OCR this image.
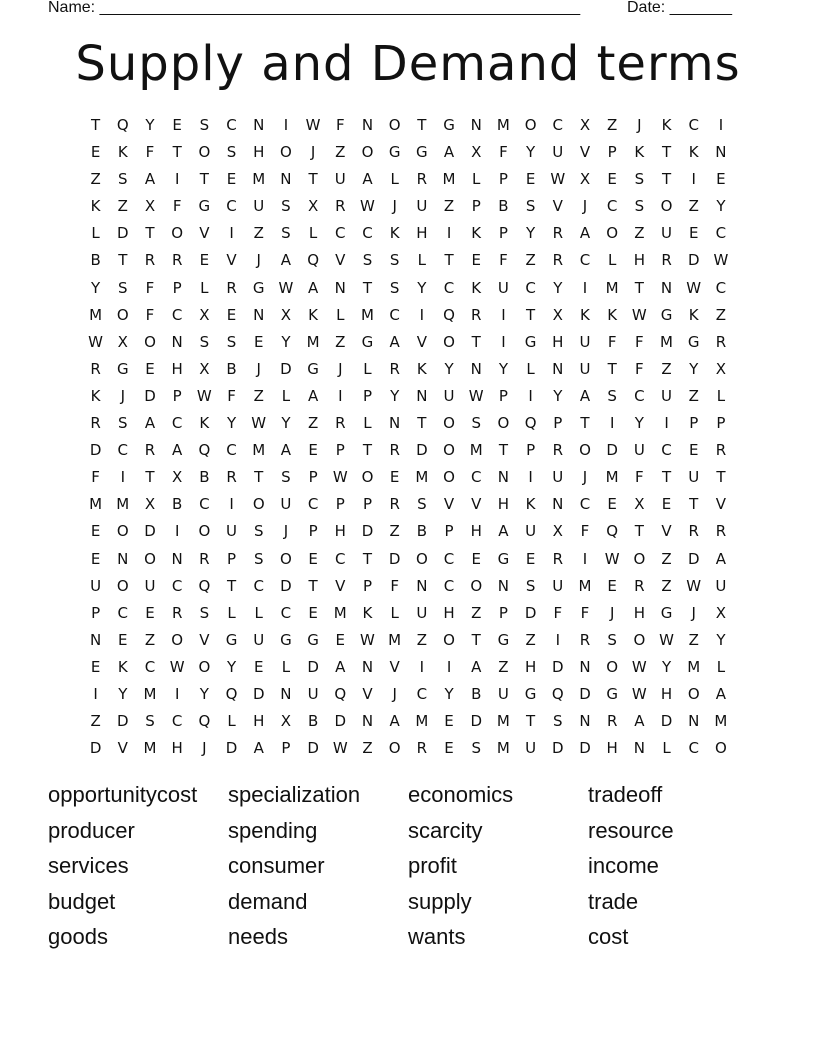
Name: ______________________________________________________	Date: _______
Supply and Demand terms
T	Q	Y	E	S	C	N	I	W	F	N	O	T	G	N	M O	C	X	Z	J	K	C	I
E	K	F	T	O	S	H	O	J	Z	O	G	G	A	X	F	Y	U	V	P	K	T	K	N
Z	S	A	I	T	E	M	N	T	U	A	L	R	M	L	P	E	W X	E	S	T	I	E
K	Z	X	F	G	C	U	S	X	R W	J	U	Z	P	B	S	V	J	C	S	O	Z	Y
L	D	T	O	V	I	Z	S	L	C	C	K	H	I	K	P	Y	R	A	O	Z	U	E	C
B	T	R	R	E	V	J	A	Q	V	S	S	L	T	E	F	Z	R	C	L	H	R	D W
Y	S	F	P	L	R	G W A	N	T	S	Y	C	K	U	C	Y	I	M	T	N W C
M O	F	C	X	E	N	X	K	L	M	C	I	Q	R	I	T	X	K	K W G	K	Z
W X	O	N	S	S	E	Y	M	Z	G	A	V	O	T	I	G	H	U	F	F	M G	R
R	G	E	H	X	B	J	D	G	J	L	R	K	Y	N	Y	L	N	U	T	F	Z	Y	X
K	J	D	P	W	F	Z	L	A	I	P	Y	N	U W	P	I	Y	A	S	C	U	Z	L
R	S	A	C	K	Y	W	Y	Z	R	L	N	T	O	S	O	Q	P	T	I	Y	I	P	P
D	C	R	A	Q	C	M	A	E	P	T	R	D	O M	T	P	R	O	D	U	C	E	R
F	I	T	X	B	R	T	S	P	W O	E	M O	C	N	I	U	J	M	F	T	U	T
M M	X	B	C	I	O	U	C	P	P	R	S	V	V	H	K	N	C	E	X	E	T	V
E	O	D	I	O	U	S	J	P	H	D	Z	B	P	H	A	U	X	F	Q	T	V	R	R
E	N	O	N	R	P	S	O	E	C	T	D	O	C	E	G	E	R	I	W O	Z	D	A
U	O	U	C	Q	T	C	D	T	V	P	F	N	C	O	N	S	U	M	E	R	Z W U
P	C	E	R	S	L	L	C	E	M	K	L	U	H	Z	P	D	F	F	J	H	G	J	X
N	E	Z	O	V	G	U	G	G	E	W M	Z	O	T	G	Z	I	R	S	O W Z	Y
E	K	C W O	Y	E	L	D	A	N	V	I	I	A	Z	H	D	N	O W	Y	M	L
I	Y	M	I	Y	Q	D	N	U	Q	V	J	C	Y	B	U	G	Q	D	G W H	O	A
Z	D	S	C	Q	L	H	X	B	D	N	A	M	E	D M	T	S	N	R	A	D	N	M
D	V	M	H	J	D	A	P	D W Z	O	R	E	S	M	U	D	D	H	N	L	C	O
opportunitycost	specialization	economics	tradeoff
producer	spending	scarcity	resource
services	consumer	profit	income
budget	demand	supply	trade
goods	needs	wants	cost
